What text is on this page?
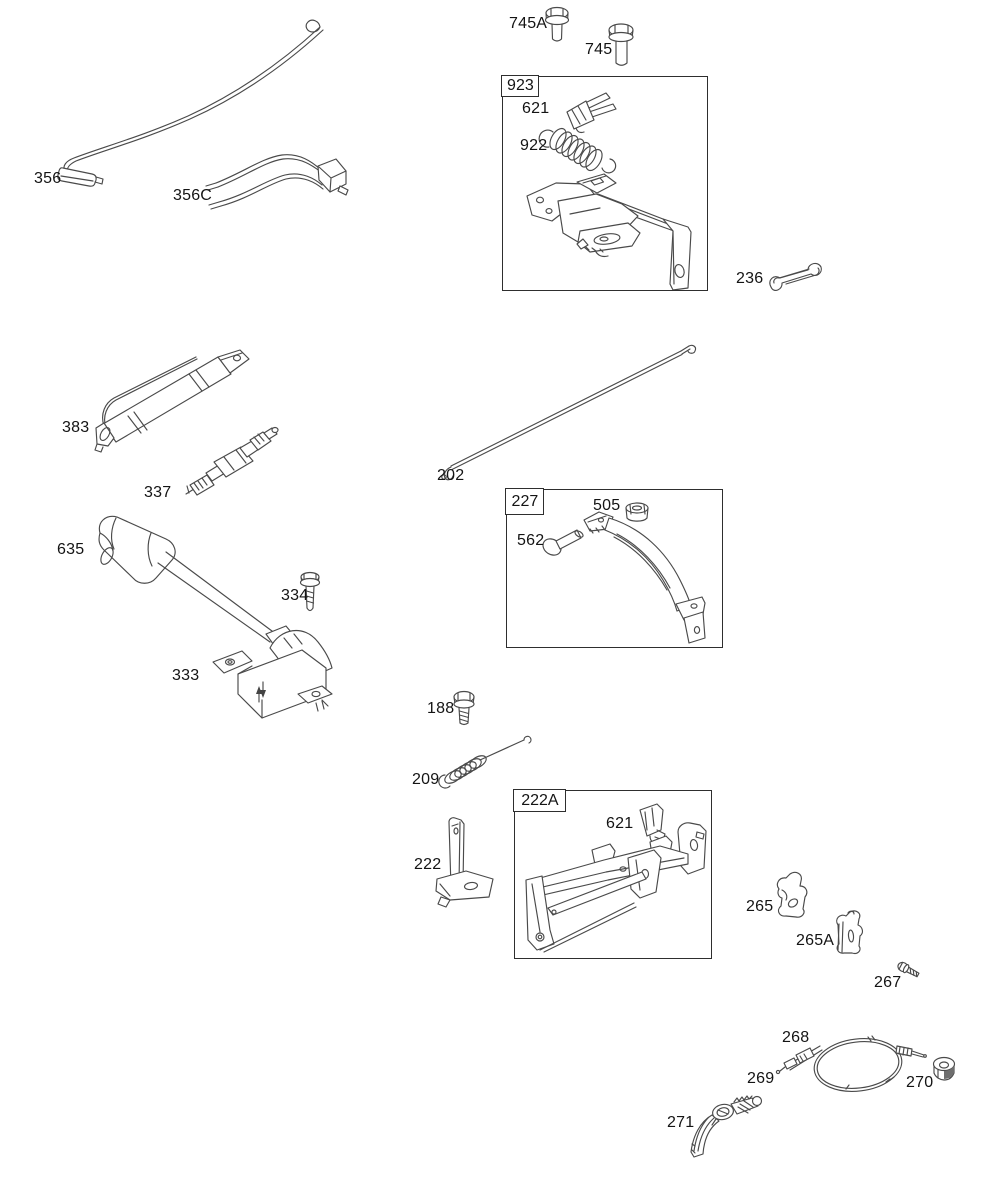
923
227
222A
745A
745
621
922
236
356
356C
383
337
635
334
333
202
505
562
188
209
621
222
265
265A
267
268
269	270
271
